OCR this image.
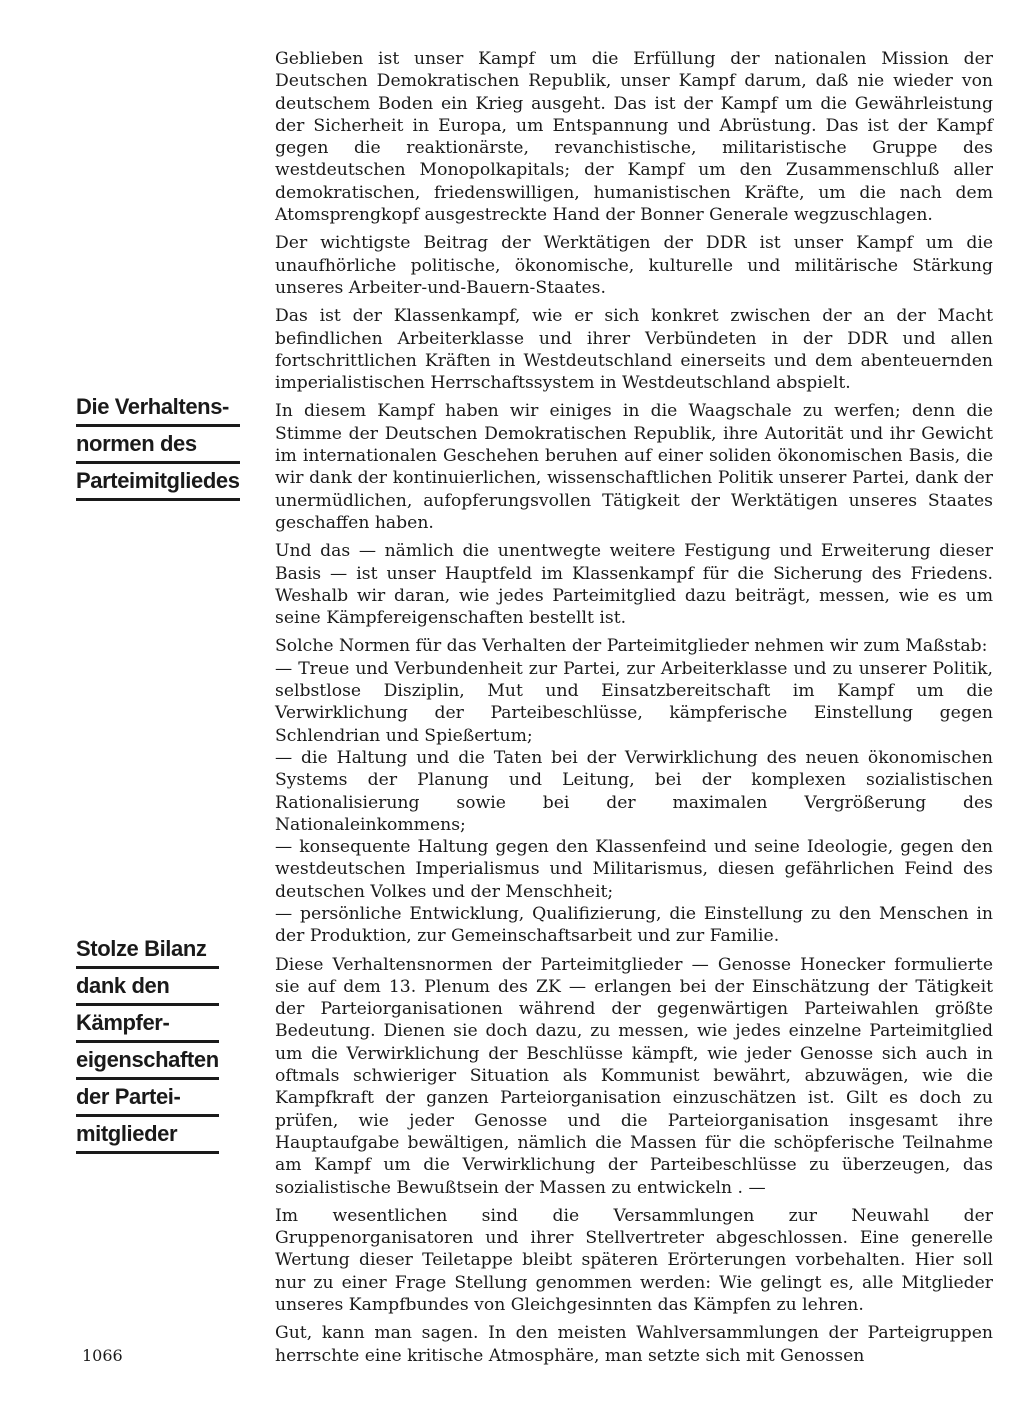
Die Verhaltens-
normen des
Parteimitgliedes
Stolze Bilanz
dank den
Kämpfer-
eigenschaften
der Partei-
mitglieder

Geblieben ist unser Kampf um die Erfüllung der nationalen Mission der Deutschen Demokratischen Republik, unser Kampf darum, daß nie wieder von deutschem Boden ein Krieg ausgeht. Das ist der Kampf um die Gewährleistung der Sicherheit in Europa, um Entspannung und Abrüstung. Das ist der Kampf gegen die reaktionärste, revanchistische, militaristische Gruppe des westdeutschen Monopolkapitals; der Kampf um den Zusammenschluß aller demokratischen, friedenswilligen, humanistischen Kräfte, um die nach dem Atomsprengkopf ausgestreckte Hand der Bonner Generale wegzuschlagen.

Der wichtigste Beitrag der Werktätigen der DDR ist unser Kampf um die unaufhörliche politische, ökonomische, kulturelle und militärische Stärkung unseres Arbeiter-und-Bauern-Staates.

Das ist der Klassenkampf, wie er sich konkret zwischen der an der Macht befindlichen Arbeiterklasse und ihrer Verbündeten in der DDR und allen fortschrittlichen Kräften in Westdeutschland einerseits und dem abenteuernden imperialistischen Herrschaftssystem in Westdeutschland abspielt.

In diesem Kampf haben wir einiges in die Waagschale zu werfen; denn die Stimme der Deutschen Demokratischen Republik, ihre Autorität und ihr Gewicht im internationalen Geschehen beruhen auf einer soliden ökonomischen Basis, die wir dank der kontinuierlichen, wissenschaftlichen Politik unserer Partei, dank der unermüdlichen, aufopferungsvollen Tätigkeit der Werktätigen unseres Staates geschaffen haben.

Und das — nämlich die unentwegte weitere Festigung und Erweiterung dieser Basis — ist unser Hauptfeld im Klassenkampf für die Sicherung des Friedens. Weshalb wir daran, wie jedes Parteimitglied dazu beiträgt, messen, wie es um seine Kämpfereigenschaften bestellt ist.

Solche Normen für das Verhalten der Parteimitglieder nehmen wir zum Maßstab:

— Treue und Verbundenheit zur Partei, zur Arbeiterklasse und zu unserer Politik, selbstlose Disziplin, Mut und Einsatzbereitschaft im Kampf um die Verwirklichung der Parteibeschlüsse, kämpferische Einstellung gegen Schlendrian und Spießertum;

— die Haltung und die Taten bei der Verwirklichung des neuen ökonomischen Systems der Planung und Leitung, bei der komplexen sozialistischen Rationalisierung sowie bei der maximalen Vergrößerung des Nationaleinkommens;

— konsequente Haltung gegen den Klassenfeind und seine Ideologie, gegen den westdeutschen Imperialismus und Militarismus, diesen gefährlichen Feind des deutschen Volkes und der Menschheit;

— persönliche Entwicklung, Qualifizierung, die Einstellung zu den Menschen in der Produktion, zur Gemeinschaftsarbeit und zur Familie.

Diese Verhaltensnormen der Parteimitglieder — Genosse Honecker formulierte sie auf dem 13. Plenum des ZK — erlangen bei der Einschätzung der Tätigkeit der Parteiorganisationen während der gegenwärtigen Parteiwahlen größte Bedeutung. Dienen sie doch dazu, zu messen, wie jedes einzelne Parteimitglied um die Verwirklichung der Beschlüsse kämpft, wie jeder Genosse sich auch in oftmals schwieriger Situation als Kommunist bewährt, abzuwägen, wie die Kampfkraft der ganzen Parteiorganisation einzuschätzen ist. Gilt es doch zu prüfen, wie jeder Genosse und die Parteiorganisation insgesamt ihre Hauptaufgabe bewältigen, nämlich die Massen für die schöpferische Teilnahme am Kampf um die Verwirklichung der Parteibeschlüsse zu überzeugen, das sozialistische Bewußtsein der Massen zu entwickeln . —

Im wesentlichen sind die Versammlungen zur Neuwahl der Gruppenorganisatoren und ihrer Stellvertreter abgeschlossen. Eine generelle Wertung dieser Teiletappe bleibt späteren Erörterungen vorbehalten. Hier soll nur zu einer Frage Stellung genommen werden: Wie gelingt es, alle Mitglieder unseres Kampfbundes von Gleichgesinnten das Kämpfen zu lehren.

Gut, kann man sagen. In den meisten Wahlversammlungen der Parteigruppen herrschte eine kritische Atmosphäre, man setzte sich mit Genossen

1066
